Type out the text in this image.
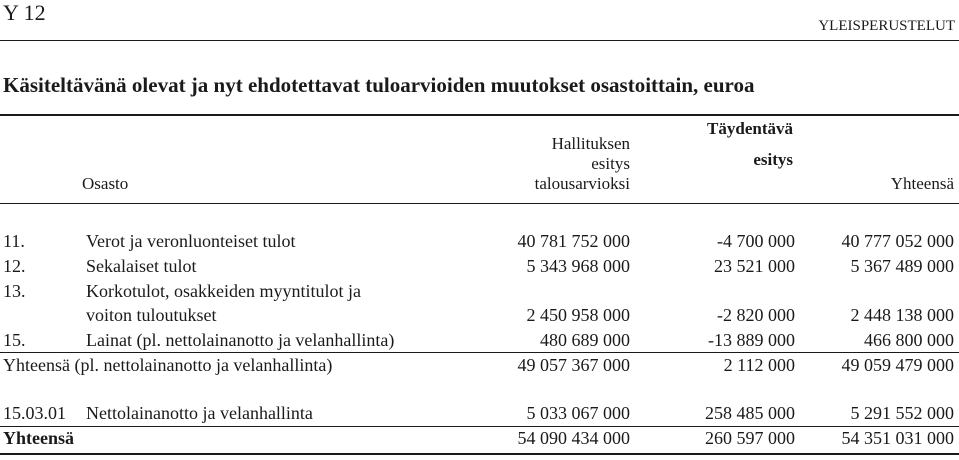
Y 12
YLEISPERUSTELUT
Käsiteltävänä olevat ja nyt ehdotettavat tuloarvioiden muutokset osastoittain, euroa
Osasto
Hallituksen
esitys
talousarvioksi
Täydentävä
esitys
Yhteensä
11.	Verot ja veronluonteiset tulot	40 781 752 000	-4 700 000	40 777 052 000
12.	Sekalaiset tulot	5 343 968 000	23 521 000	5 367 489 000
13.	Korkotulot, osakkeiden myyntitulot ja
voiton tuloutukset	2 450 958 000	-2 820 000	2 448 138 000
15.	Lainat (pl. nettolainanotto ja velanhallinta)	480 689 000	-13 889 000	466 800 000
Yhteensä (pl. nettolainanotto ja velanhallinta)	49 057 367 000	2 112 000	49 059 479 000
15.03.01 Nettolainanotto ja velanhallinta	5 033 067 000	258 485 000	5 291 552 000
Yhteensä	54 090 434 000	260 597 000	54 351 031 000
